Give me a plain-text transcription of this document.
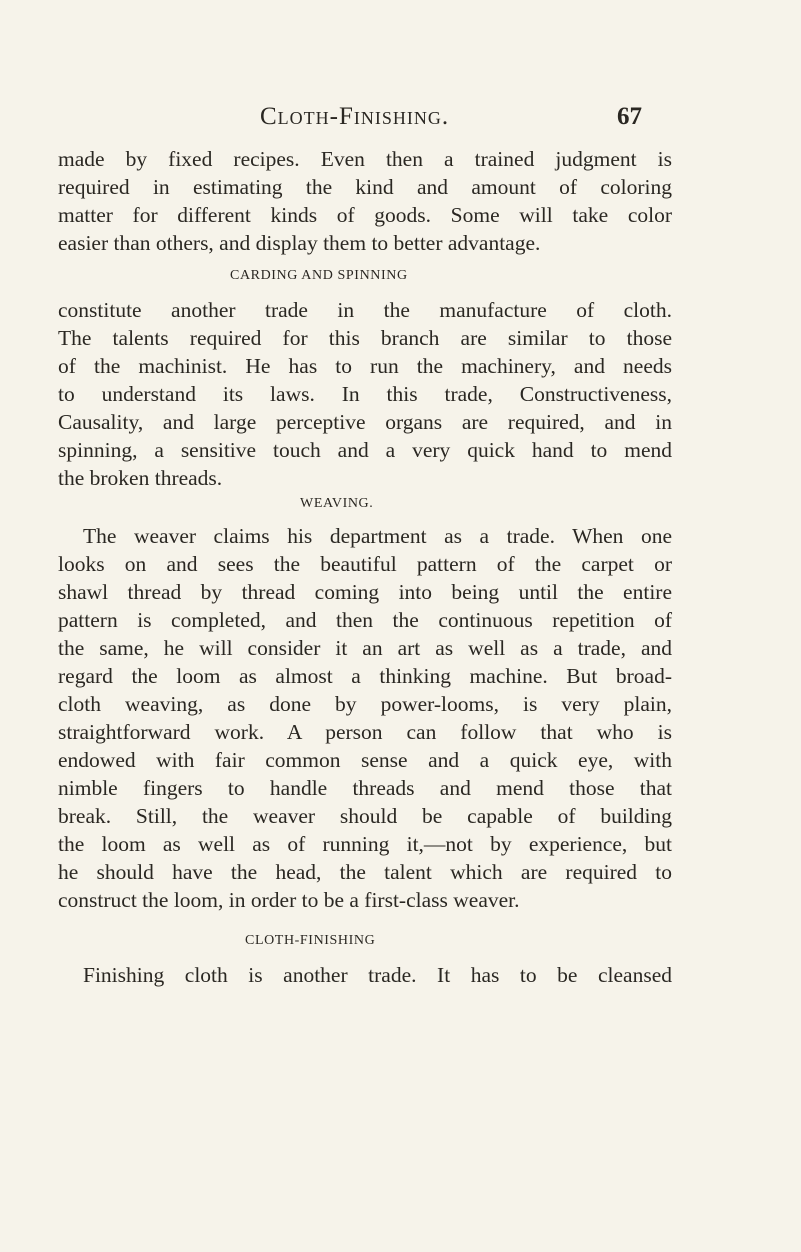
Cloth-Finishing.	67
made by fixed recipes. Even then a trained judgment is
required in estimating the kind and amount of coloring
matter for different kinds of goods. Some will take color
easier than others, and display them to better advantage.
CARDING AND SPINNING
constitute another trade in the manufacture of cloth.
The talents required for this branch are similar to those
of the machinist. He has to run the machinery, and needs
to understand its laws. In this trade, Constructiveness,
Causality, and large perceptive organs are required, and in
spinning, a sensitive touch and a very quick hand to mend
the broken threads.
WEAVING.
The weaver claims his department as a trade. When one
looks on and sees the beautiful pattern of the carpet or
shawl thread by thread coming into being until the entire
pattern is completed, and then the continuous repetition of
the same, he will consider it an art as well as a trade, and
regard the loom as almost a thinking machine. But broad-
cloth weaving, as done by power-looms, is very plain,
straightforward work. A person can follow that who is
endowed with fair common sense and a quick eye, with
nimble fingers to handle threads and mend those that
break. Still, the weaver should be capable of building
the loom as well as of running it,—not by experience, but
he should have the head, the talent which are required to
construct the loom, in order to be a first-class weaver.
CLOTH-FINISHING
Finishing cloth is another trade. It has to be cleansed
